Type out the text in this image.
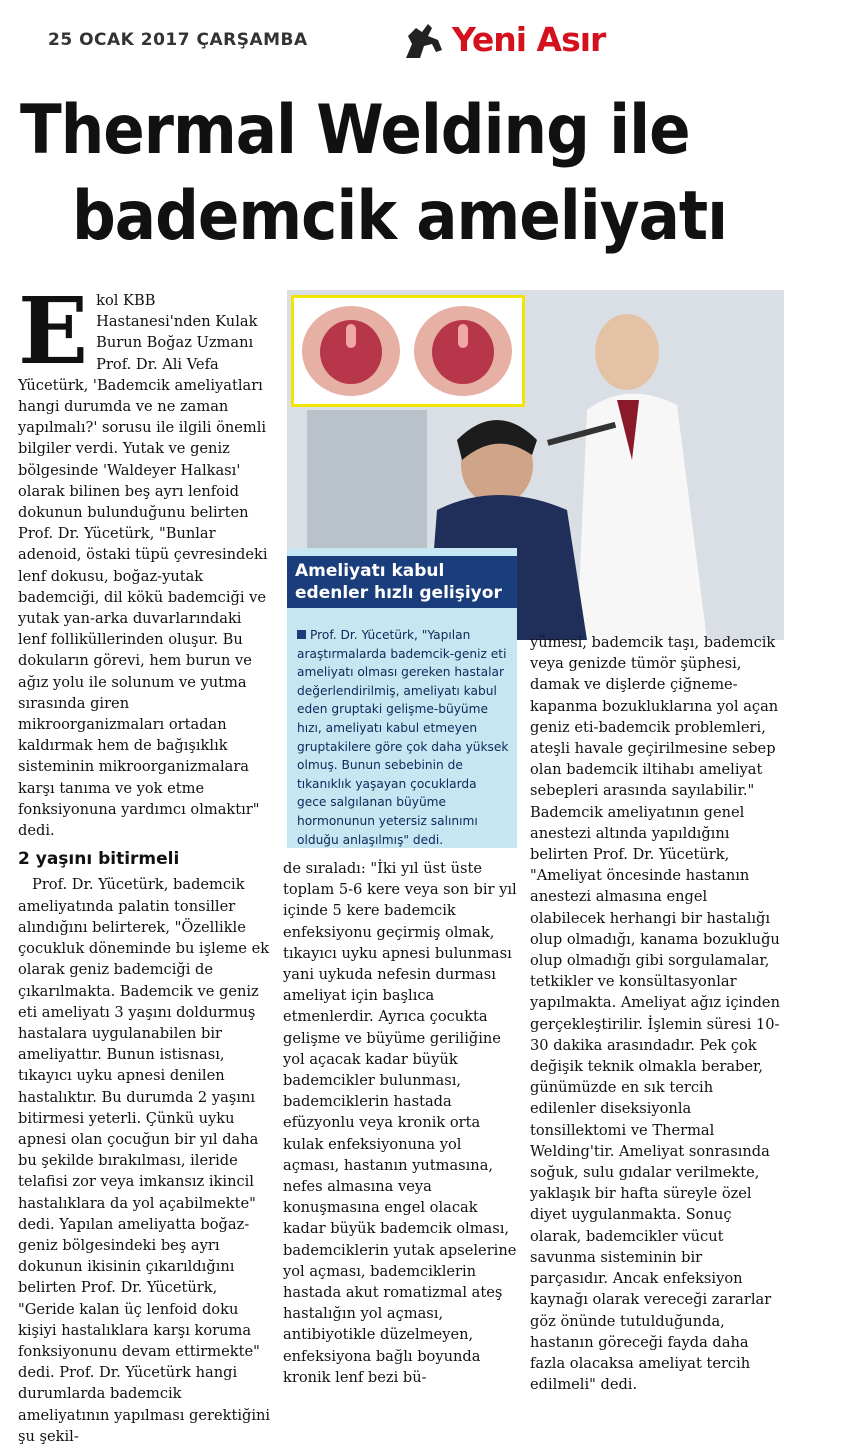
25 OCAK 2017 ÇARŞAMBA	Yeni Asır
Thermal Welding ile
bademcik ameliyatı
E kol KBB Hastanesi'nden Kulak Burun Boğaz Uzmanı Prof. Dr. Ali Vefa Yücetürk, 'Bademcik ameliyatları hangi durumda ve ne zaman yapılmalı?' sorusu ile ilgili önemli bilgiler verdi. Yutak ve geniz bölgesinde 'Waldeyer Halkası' olarak bilinen beş ayrı lenfoid dokunun bulunduğunu belirten Prof. Dr. Yücetürk, "Bunlar adenoid, östaki tüpü çevresindeki lenf dokusu, boğaz-yutak bademciği, dil kökü bademciği ve yutak yan-arka duvarlarındaki lenf folliküllerinden oluşur. Bu dokuların görevi, hem burun ve ağız yolu ile solunum ve yutma sırasında giren mikroorganizmaları ortadan kaldırmak hem de bağışıklık sisteminin mikroorganizmalara karşı tanıma ve yok etme fonksiyonuna yardımcı olmaktır" dedi.

2 yaşını bitirmeli

Prof. Dr. Yücetürk, bademcik ameliyatında palatin tonsiller alındığını belirterek, "Özellikle çocukluk döneminde bu işleme ek olarak geniz bademciği de çıkarılmakta. Bademcik ve geniz eti ameliyatı 3 yaşını doldurmuş hastalara uygulanabilen bir ameliyattır. Bunun istisnası, tıkayıcı uyku apnesi denilen hastalıktır. Bu durumda 2 yaşını bitirmesi yeterli. Çünkü uyku apnesi olan çocuğun bir yıl daha bu şekilde bırakılması, ileride telafisi zor veya imkansız ikincil hastalıklara da yol açabilmekte" dedi. Yapılan ameliyatta boğaz-geniz bölgesindeki beş ayrı dokunun ikisinin çıkarıldığını belirten Prof. Dr. Yücetürk, "Geride kalan üç lenfoid doku kişiyi hastalıklara karşı koruma fonksiyonunu devam ettirmekte" dedi. Prof. Dr. Yücetürk hangi durumlarda bademcik ameliyatının yapılması gerektiğini şu şekil-

Ameliyatı kabul
edenler hızlı gelişiyor
Prof. Dr. Yücetürk, "Yapılan araştırmalarda bademcik-geniz eti ameliyatı olması gereken hastalar değerlendirilmiş, ameliyatı kabul eden gruptaki gelişme-büyüme hızı, ameliyatı kabul etmeyen gruptakilere göre çok daha yüksek olmuş. Bunun sebebinin de tıkanıklık yaşayan çocuklarda gece salgılanan büyüme hormonunun yetersiz salınımı olduğu anlaşılmış" dedi.

de sıraladı: "İki yıl üst üste toplam 5-6 kere veya son bir yıl içinde 5 kere bademcik enfeksiyonu geçirmiş olmak, tıkayıcı uyku apnesi bulunması yani uykuda nefesin durması ameliyat için başlıca etmenlerdir. Ayrıca çocukta gelişme ve büyüme geriliğine yol açacak kadar büyük bademcikler bulunması, bademciklerin hastada efüzyonlu veya kronik orta kulak enfeksiyonuna yol açması, hastanın yutmasına, nefes almasına veya konuşmasına engel olacak kadar büyük bademcik olması, bademciklerin yutak apselerine yol açması, bademciklerin hastada akut romatizmal ateş hastalığın yol açması, antibiyotikle düzelmeyen, enfeksiyona bağlı boyunda kronik lenf bezi bü-

yümesi, bademcik taşı, bademcik veya genizde tümör şüphesi, damak ve dişlerde çiğneme-kapanma bozukluklarına yol açan geniz eti-bademcik problemleri, ateşli havale geçirilmesine sebep olan bademcik iltihabı ameliyat sebepleri arasında sayılabilir." Bademcik ameliyatının genel anestezi altında yapıldığını belirten Prof. Dr. Yücetürk, "Ameliyat öncesinde hastanın anestezi almasına engel olabilecek herhangi bir hastalığı olup olmadığı, kanama bozukluğu olup olmadığı gibi sorgulamalar, tetkikler ve konsültasyonlar yapılmakta. Ameliyat ağız içinden gerçekleştirilir. İşlemin süresi 10-30 dakika arasındadır. Pek çok değişik teknik olmakla beraber, günümüzde en sık tercih edilenler diseksiyonla tonsillektomi ve Thermal Welding'tir. Ameliyat sonrasında soğuk, sulu gıdalar verilmekte, yaklaşık bir hafta süreyle özel diyet uygulanmakta. Sonuç olarak, bademcikler vücut savunma sisteminin bir parçasıdır. Ancak enfeksiyon kaynağı olarak vereceği zararlar göz önünde tutulduğunda, hastanın göreceği fayda daha fazla olacaksa ameliyat tercih edilmeli" dedi.
